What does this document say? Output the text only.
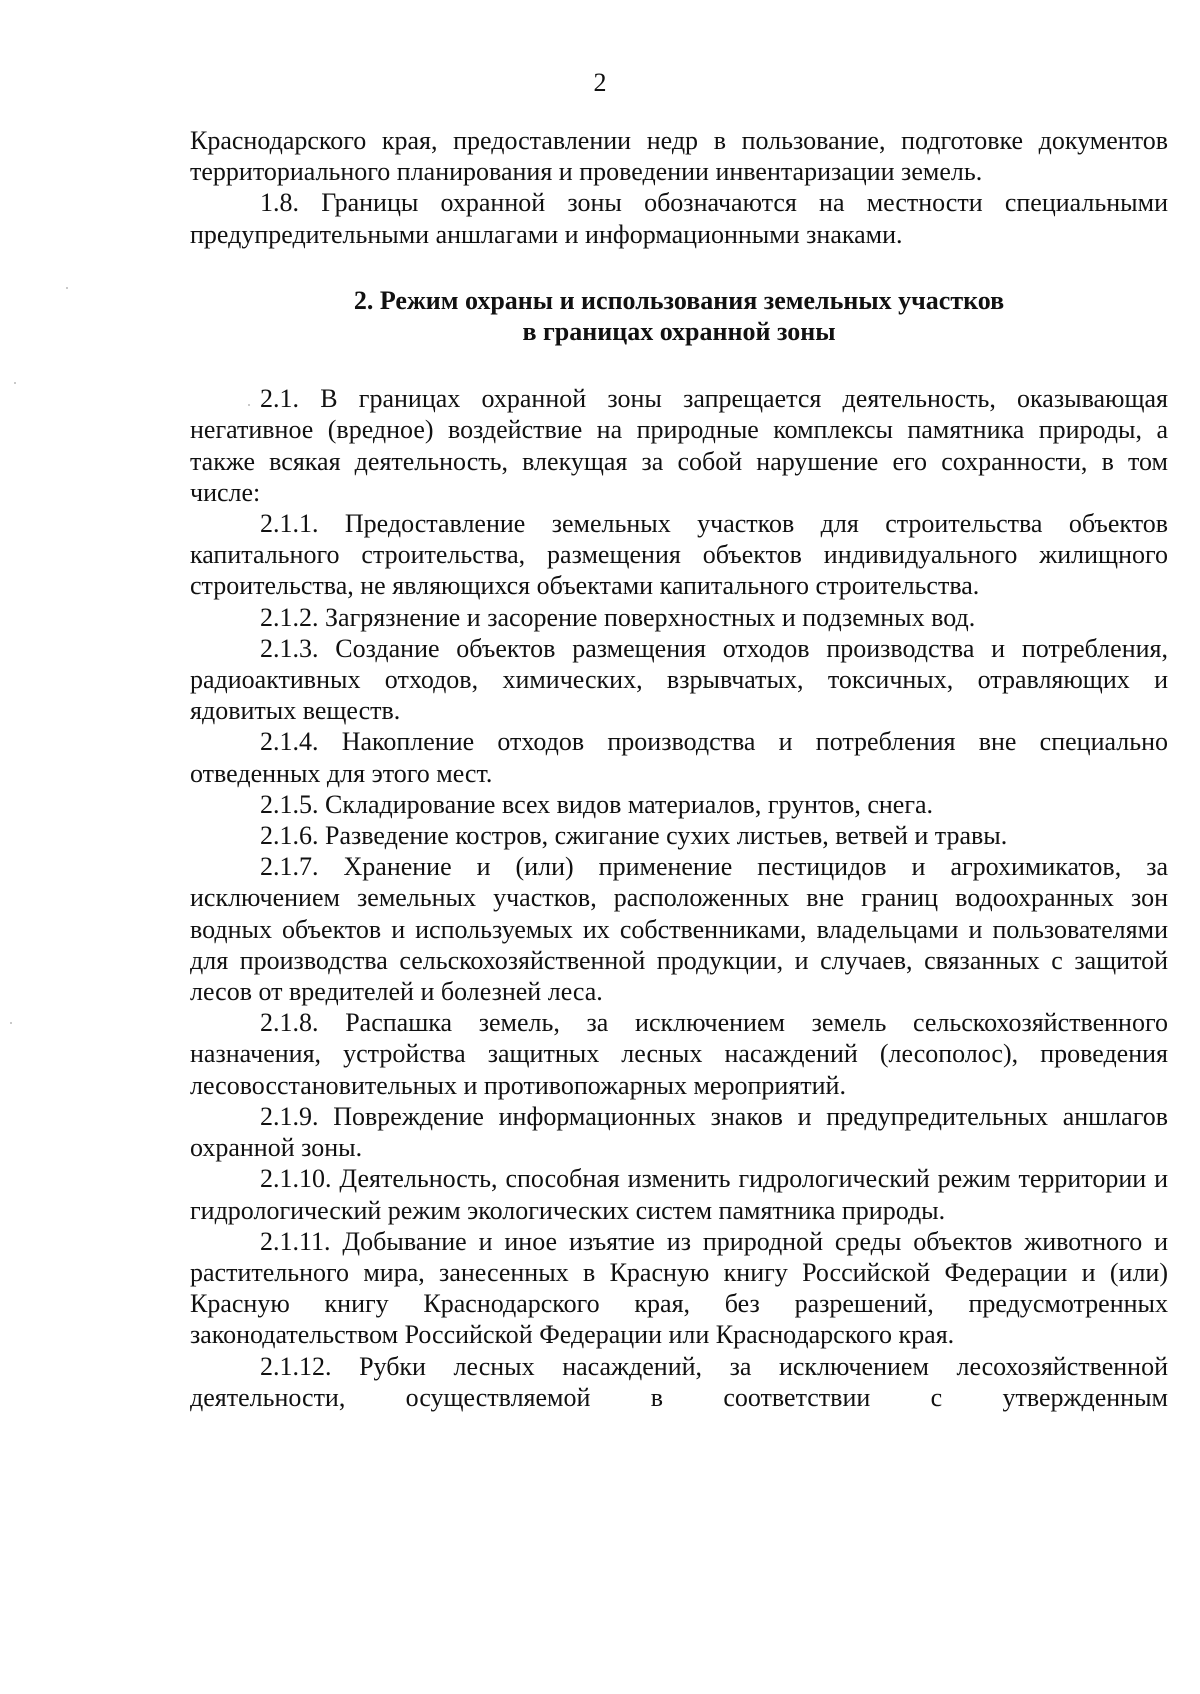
2

Краснодарского края, предоставлении недр в пользование, подготовке документов территориального планирования и проведении инвентаризации земель.

1.8. Границы охранной зоны обозначаются на местности специальными предупредительными аншлагами и информационными знаками.

2. Режим охраны и использования земельных участков
в границах охранной зоны

2.1. В границах охранной зоны запрещается деятельность, оказывающая негативное (вредное) воздействие на природные комплексы памятника природы, а также всякая деятельность, влекущая за собой нарушение его сохранности, в том числе:

2.1.1. Предоставление земельных участков для строительства объектов капитального строительства, размещения объектов индивидуального жилищного строительства, не являющихся объектами капитального строительства.

2.1.2. Загрязнение и засорение поверхностных и подземных вод.

2.1.3. Создание объектов размещения отходов производства и потребления, радиоактивных отходов, химических, взрывчатых, токсичных, отравляющих и ядовитых веществ.

2.1.4. Накопление отходов производства и потребления вне специально отведенных для этого мест.

2.1.5. Складирование всех видов материалов, грунтов, снега.

2.1.6. Разведение костров, сжигание сухих листьев, ветвей и травы.

2.1.7. Хранение и (или) применение пестицидов и агрохимикатов, за исключением земельных участков, расположенных вне границ водоохранных зон водных объектов и используемых их собственниками, владельцами и пользователями для производства сельскохозяйственной продукции, и случаев, связанных с защитой лесов от вредителей и болезней леса.

2.1.8. Распашка земель, за исключением земель сельскохозяйственного назначения, устройства защитных лесных насаждений (лесополос), проведения лесовосстановительных и противопожарных мероприятий.

2.1.9. Повреждение информационных знаков и предупредительных аншлагов охранной зоны.

2.1.10. Деятельность, способная изменить гидрологический режим территории и гидрологический режим экологических систем памятника природы.

2.1.11. Добывание и иное изъятие из природной среды объектов животного и растительного мира, занесенных в Красную книгу Российской Федерации и (или) Красную книгу Краснодарского края, без разрешений, предусмотренных законодательством Российской Федерации или Краснодарского края.

2.1.12. Рубки лесных насаждений, за исключением лесохозяйственной деятельности, осуществляемой в соответствии с утвержденным
